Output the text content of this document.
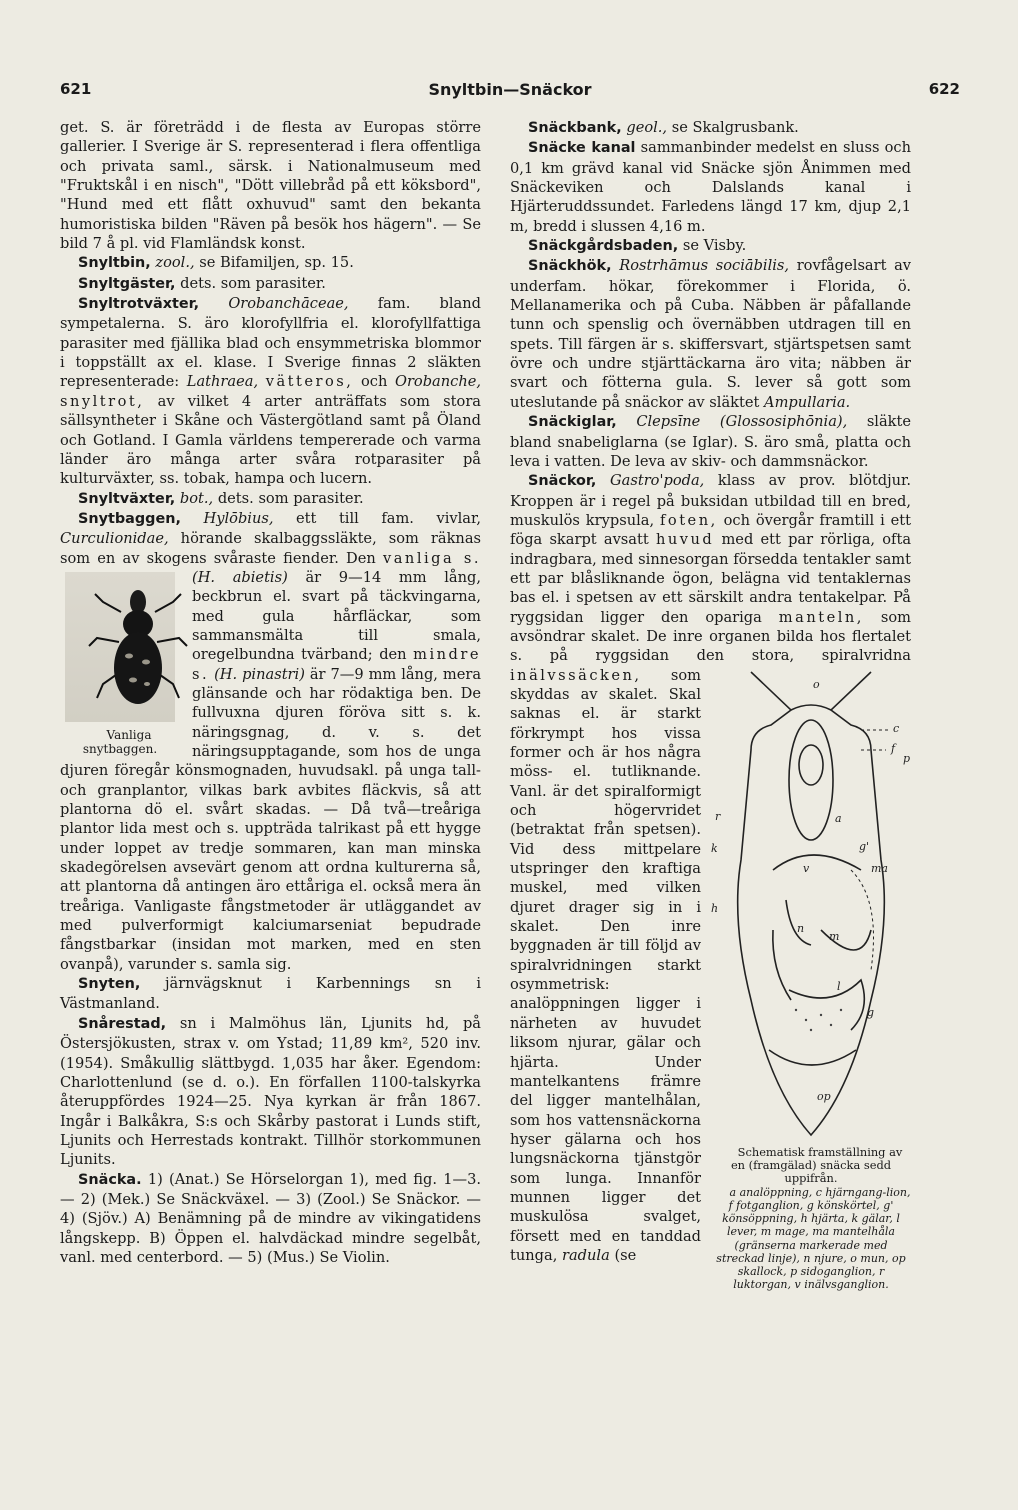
621	Snyltbin—Snäckor	622

get. S. är företrädd i de flesta av Europas större gallerier. I Sverige är S. representerad i flera offentliga och privata saml., särsk. i Nationalmuseum med "Fruktskål i en nisch", "Dött villebråd på ett köksbord", "Hund med ett flått oxhuvud" samt den bekanta humoristiska bilden "Räven på besök hos hägern". — Se bild 7 å pl. vid Flamländsk konst.

Snyltbin, zool., se Bifamiljen, sp. 15.

Snyltgäster, dets. som parasiter.

Snyltrotväxter, Orobanchāceae, fam. bland sympetalerna. S. äro klorofyllfria el. klorofyllfattiga parasiter med fjällika blad och ensymmetriska blommor i toppställt ax el. klase. I Sverige finnas 2 släkten representerade: Lathraea, vätteros, och Orobanche, snyltrot, av vilket 4 arter anträffats som stora sällsyntheter i Skåne och Västergötland samt på Öland och Gotland. I Gamla världens tempererade och varma länder äro många arter svåra rotparasiter på kulturväxter, ss. tobak, hampa och lucern.

Snyltväxter, bot., dets. som parasiter.

Snytbaggen, Hylōbius, ett till fam. vivlar, Curculionidae, hörande skalbaggssläkte, som räknas som en av skogens svåraste fiender. Den
Vanliga snytbaggen.
vanliga s. (H. abietis) är 9—14 mm lång, beckbrun el. svart på täckvingarna, med gula hårfläckar, som sammansmälta till smala, oregelbundna tvärband; den mindre s. (H. pinastri) är 7—9 mm lång, mera glänsande och har rödaktiga ben. De fullvuxna djuren föröva sitt s. k. näringsgnag, d. v. s. det näringsupptagande, som hos de unga djuren föregår könsmognaden, huvudsakl. på unga tall- och granplantor, vilkas bark avbites fläckvis, så att plantorna dö el. svårt skadas. — Då två—treåriga plantor lida mest och s. uppträda talrikast på ett hygge under loppet av tredje sommaren, kan man minska skadegörelsen avsevärt genom att ordna kulturerna så, att plantorna då antingen äro ettåriga el. också mera än treåriga. Vanligaste fångstmetoder är utläggandet av med pulverformigt kalciumarseniat bepudrade fångstbarkar (insidan mot marken, med en sten ovanpå), varunder s. samla sig.

Snyten, järnvägsknut i Karbennings sn i Västmanland.

Snårestad, sn i Malmöhus län, Ljunits hd, på Östersjökusten, strax v. om Ystad; 11,89 km², 520 inv. (1954). Småkullig slättbygd. 1,035 har åker. Egendom: Charlottenlund (se d. o.). En förfallen 1100-talskyrka återuppfördes 1924—25. Nya kyrkan är från 1867. Ingår i Balkåkra, S:s och Skårby pastorat i Lunds stift, Ljunits och Herrestads kontrakt. Tillhör storkommunen Ljunits.

Snäcka. 1) (Anat.) Se Hörselorgan 1), med fig. 1—3. — 2) (Mek.) Se Snäckväxel. — 3) (Zool.) Se Snäckor. — 4) (Sjöv.) A) Benämning på de mindre av vikingatidens långskepp. B) Öppen el. halvdäckad mindre segelbåt, vanl. med centerbord. — 5) (Mus.) Se Violin.

Snäckbank, geol., se Skalgrusbank.

Snäcke kanal sammanbinder medelst en sluss och 0,1 km grävd kanal vid Snäcke sjön Ånimmen med Snäckeviken och Dalslands kanal i Hjärteruddssundet. Farledens längd 17 km, djup 2,1 m, bredd i slussen 4,16 m.

Snäckgårdsbaden, se Visby.

Snäckhök, Rostrhāmus sociābilis, rovfågelsart av underfam. hökar, förekommer i Florida, ö. Mellanamerika och på Cuba. Näbben är påfallande tunn och spenslig och övernäbben utdragen till en spets. Till färgen är s. skiffersvart, stjärtspetsen samt övre och undre stjärttäckarna äro vita; näbben är svart och fötterna gula. S. lever så gott som uteslutande på snäckor av släktet Ampullaria.

Snäckiglar, Clepsīne (Glossosiphōnia), släkte bland snabeliglarna (se Iglar). S. äro små, platta och leva i vatten. De leva av skiv- och dammsnäckor.

Snäckor, Gastro'poda, klass av prov. blötdjur. Kroppen är i regel på buksidan utbildad till en bred, muskulös krypsula, foten, och övergår framtill i ett föga skarpt avsatt huvud med ett par rörliga, ofta indragbara, med sinnesorgan försedda tentakler samt ett par blåsliknande ögon, belägna vid tentaklernas bas el. i spetsen av ett särskilt andra tentakelpar. På ryggsidan ligger den opariga manteln, som avsöndrar skalet. De inre organen bilda hos flertalet s. på ryggsidan den stora, spiralvridna
o
c
f
p
r	a
k	g'
v	ma
h
n
m
l
g
op
Schematisk framställning av en (framgälad) snäcka sedd uppifrån.
a analöppning, c hjärngang-lion, f fotganglion, g könskörtel, g' könsöppning, h hjärta, k gälar, l lever, m mage, ma mantelhåla (gränserna markerade med streckad linje), n njure, o mun, op skallock, p sidoganglion, r luktorgan, v inälvsganglion.
inälvssäcken, som skyddas av skalet. Skal saknas el. är starkt förkrympt hos vissa former och är hos några möss- el. tutliknande. Vanl. är det spiralformigt och högervridet (betraktat från spetsen). Vid dess mittpelare utspringer den kraftiga muskel, med vilken djuret drager sig in i skalet. Den inre byggnaden är till följd av spiralvridningen starkt osymmetrisk: analöppningen ligger i närheten av huvudet liksom njurar, gälar och hjärta. Under mantelkantens främre del ligger mantelhålan, som hos vattensnäckorna hyser gälarna och hos lungsnäckorna tjänstgör som lunga. Innanför munnen ligger det muskulösa svalget, försett med en tanddad tunga, radula (se
